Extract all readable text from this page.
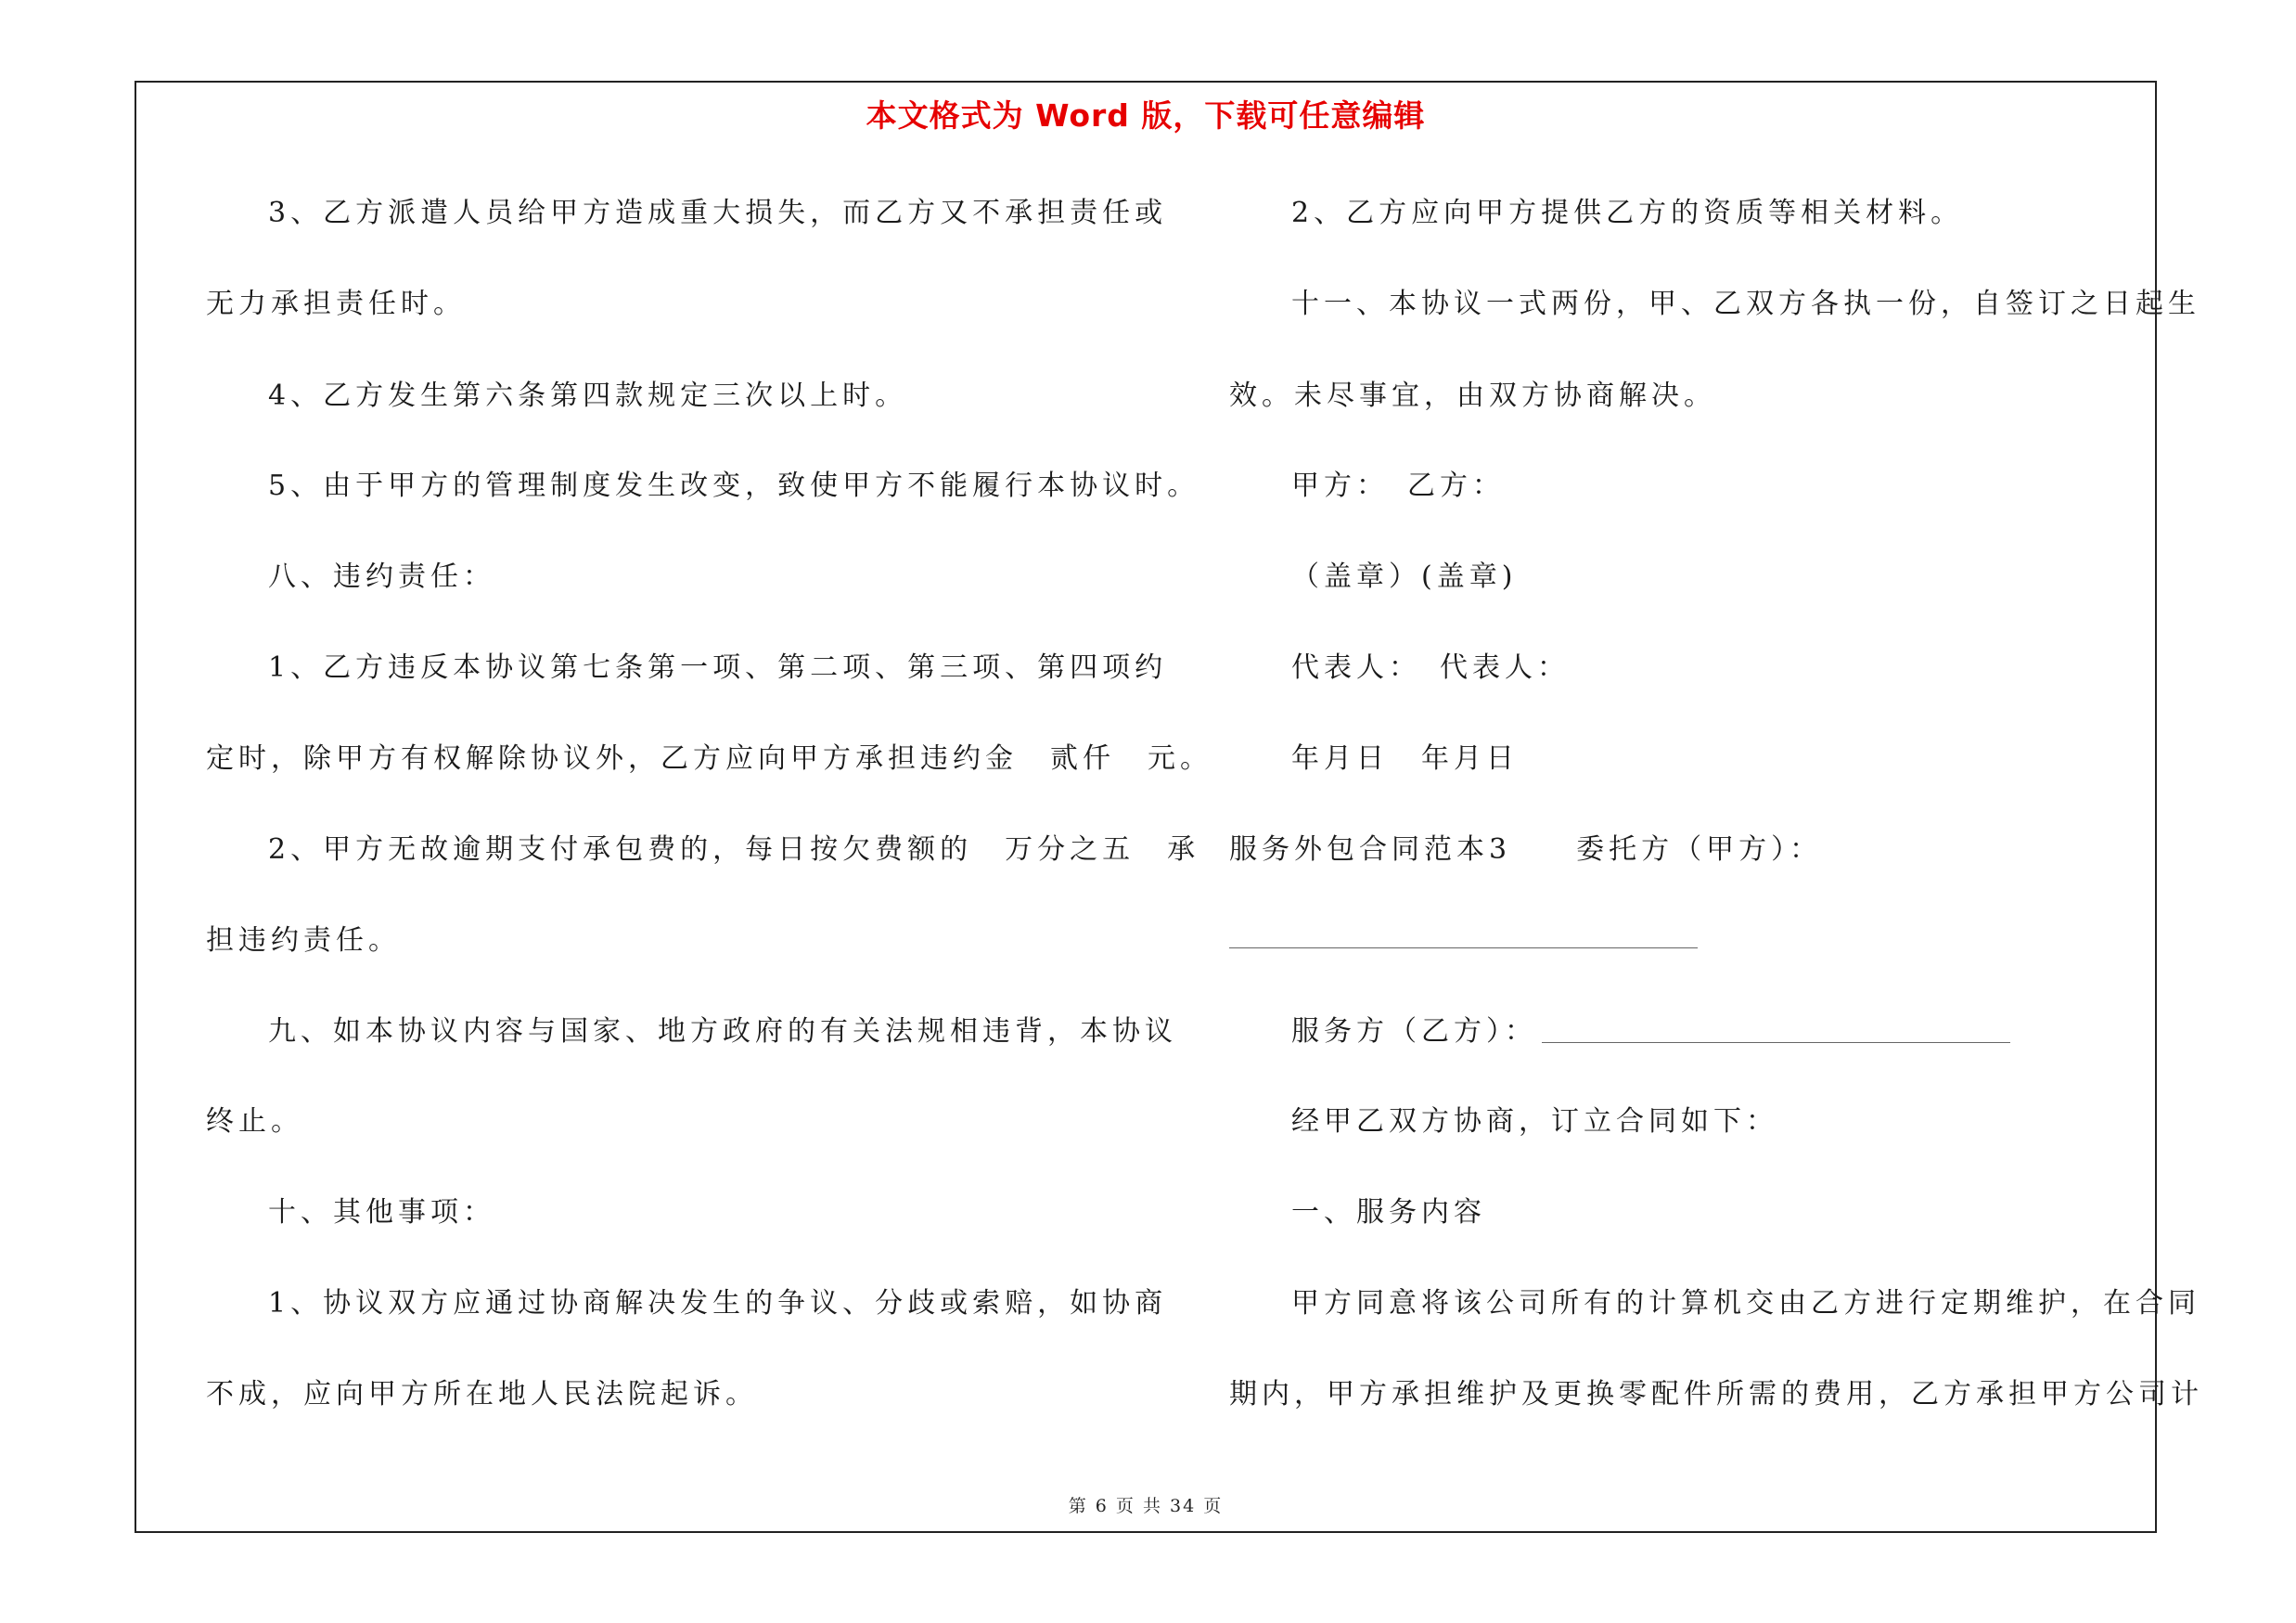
本文格式为 Word 版，下载可任意编辑
3、乙方派遣人员给甲方造成重大损失，而乙方又不承担责任或
无力承担责任时。
4、乙方发生第六条第四款规定三次以上时。
5、由于甲方的管理制度发生改变，致使甲方不能履行本协议时。
八、违约责任：
1、乙方违反本协议第七条第一项、第二项、第三项、第四项约
定时，除甲方有权解除协议外，乙方应向甲方承担违约金　贰仟　元。
2、甲方无故逾期支付承包费的，每日按欠费额的　万分之五　承
担违约责任。
九、如本协议内容与国家、地方政府的有关法规相违背，本协议
终止。
十、其他事项：
1、协议双方应通过协商解决发生的争议、分歧或索赔，如协商
不成，应向甲方所在地人民法院起诉。
2、乙方应向甲方提供乙方的资质等相关材料。
十一、本协议一式两份，甲、乙双方各执一份，自签订之日起生
效。未尽事宜，由双方协商解决。
甲方：　乙方：
（盖章）(盖章)
代表人：　代表人：
年月日　年月日
服务外包合同范本3　　委托方（甲方）：
服务方（乙方）：
经甲乙双方协商，订立合同如下：
一、服务内容
甲方同意将该公司所有的计算机交由乙方进行定期维护，在合同
期内，甲方承担维护及更换零配件所需的费用，乙方承担甲方公司计
第 6 页 共 34 页
